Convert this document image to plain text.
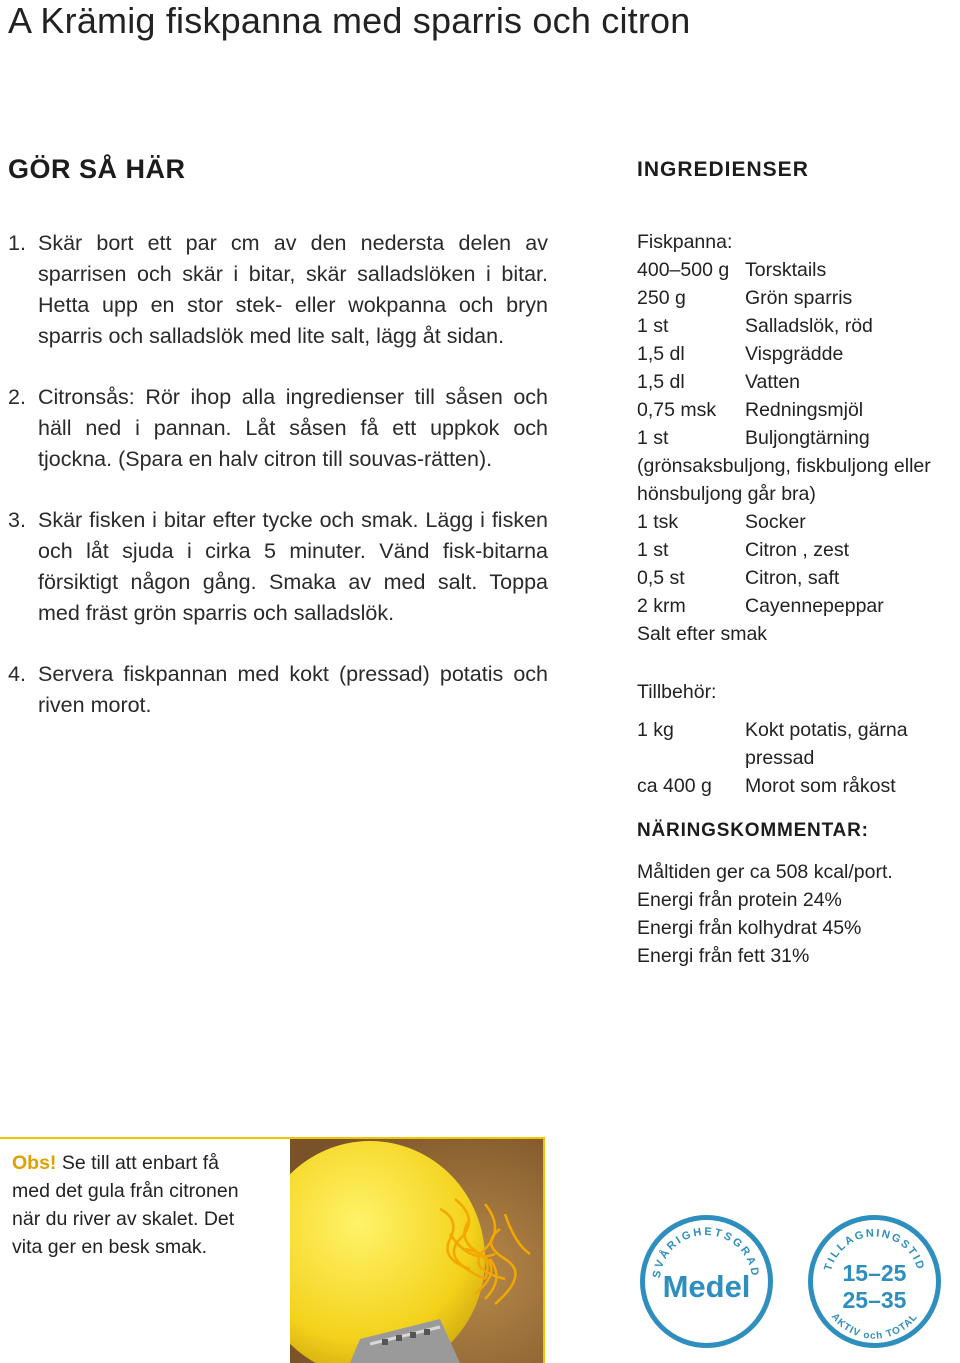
A Krämig fiskpanna med sparris och citron
GÖR SÅ HÄR
1. Skär bort ett par cm av den nedersta delen av sparrisen och skär i bitar, skär salladslöken i bitar. Hetta upp en stor stek- eller wokpanna och bryn sparris och salladslök med lite salt, lägg åt sidan.
2. Citronsås: Rör ihop alla ingredienser till såsen och häll ned i pannan. Låt såsen få ett uppkok och tjockna. (Spara en halv citron till souvas-rätten).
3. Skär fisken i bitar efter tycke och smak. Lägg i fisken och låt sjuda i cirka 5 minuter. Vänd fisk-bitarna försiktigt någon gång. Smaka av med salt. Toppa med fräst grön sparris och salladslök.
4. Servera fiskpannan med kokt (pressad) potatis och riven morot.
INGREDIENSER
Fiskpanna:
400–500 g Torsktails
250 g	Grön sparris
1 st	Salladslök, röd
1,5 dl	Vispgrädde
1,5 dl	Vatten
0,75 msk	Redningsmjöl
1 st	Buljongtärning
(grönsaksbuljong, fiskbuljong eller
hönsbuljong går bra)
1 tsk	Socker
1 st	Citron , zest
0,5 st	Citron, saft
2 krm	Cayennepeppar
Salt efter smak
Tillbehör:
1 kg	Kokt potatis, gärna pressad
ca 400 g	Morot som råkost
NÄRINGSKOMMENTAR:
Måltiden ger ca 508 kcal/port.
Energi från protein 24%
Energi från kolhydrat 45%
Energi från fett 31%
Obs! Se till att enbart få med det gula från citronen när du river av skalet. Det vita ger en besk smak.
SVÅRIGHETSGRAD
Medel
TILLAGNINGSTID
15–25
25–35
AKTIV och TOTAL
